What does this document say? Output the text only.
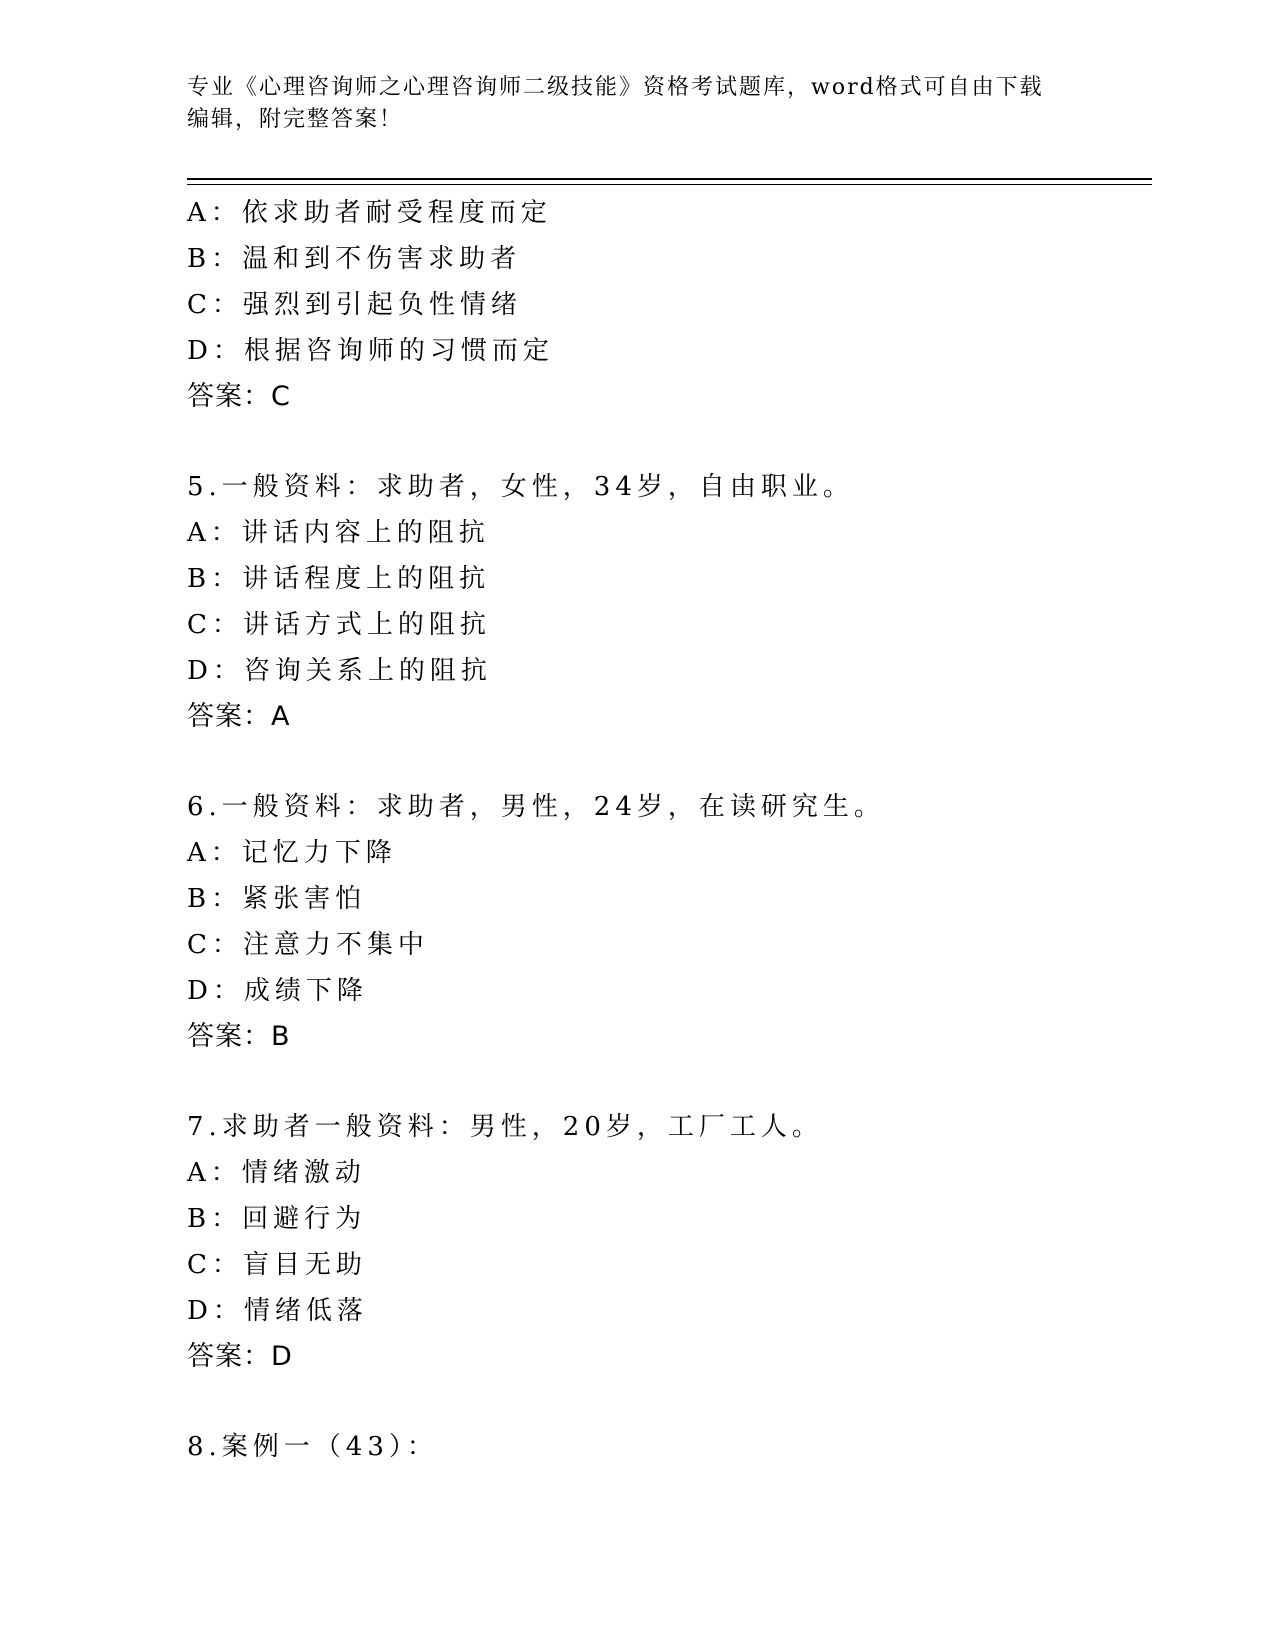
专业《心理咨询师之心理咨询师二级技能》资格考试题库，word格式可自由下载编辑，附完整答案！
A：依求助者耐受程度而定
B：温和到不伤害求助者
C：强烈到引起负性情绪
D：根据咨询师的习惯而定
答案：C
5.一般资料：求助者，女性，34岁，自由职业。
A：讲话内容上的阻抗
B：讲话程度上的阻抗
C：讲话方式上的阻抗
D：咨询关系上的阻抗
答案：A
6.一般资料：求助者，男性，24岁，在读研究生。
A：记忆力下降
B：紧张害怕
C：注意力不集中
D：成绩下降
答案：B
7.求助者一般资料：男性，20岁，工厂工人。
A：情绪激动
B：回避行为
C：盲目无助
D：情绪低落
答案：D
8.案例一（43）：
